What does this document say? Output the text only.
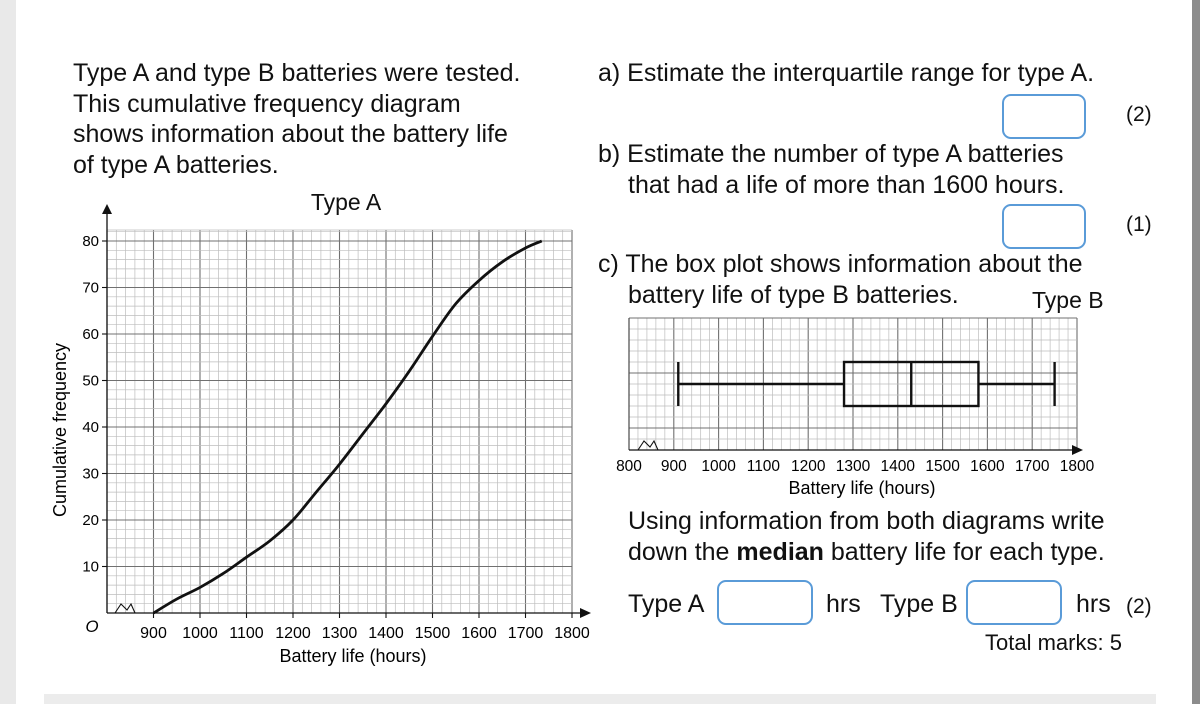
Type A and type B batteries were tested.

This cumulative frequency diagram

shows information about the battery life

of type A batteries.

Type A
900 1000 1100 1200 1300 1400 1500 1600 1700 1800
10
20
30
40
50
60
70
80
O
Battery life (hours)
Cumulative frequency

a) Estimate the interquartile range for type A.

(2)

b) Estimate the number of type A batteries

that had a life of more than 1600 hours.

(1)

c) The box plot shows information about the

battery life of type B batteries.	Type B
800 900 1000 1100 1200 1300 1400 1500 1600 1700 1800
Battery life (hours)

Using information from both diagrams write

down the median battery life for each type.

Type A	hrs Type B	hrs (2)
Total marks: 5
